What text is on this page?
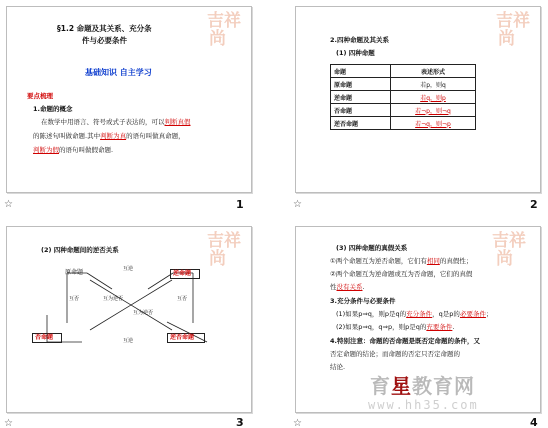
吉祥
尚
§1.2 命题及其关系、充分条
件与必要条件
基础知识 自主学习
要点梳理
1.命题的概念
在数学中用语言、符号或式子表达的，可以判断真假
的陈述句叫做命题.其中判断为真的语句叫做真命题，
判断为假的语句叫做假命题.
☆	1
吉祥
尚
2.四种命题及其关系
(1) 四种命题
命题	表述形式
原命题	若p，则q
逆命题	若q，则p
否命题	若¬p，则¬q
逆否命题	若¬q，则¬p
☆	2
吉祥
尚
(2) 四种命题间的逆否关系
原命题	逆命题
否命题	逆否命题
互逆
互逆
互否	互否
互为逆否
互为逆否
☆	3
吉祥
尚
(3) 四种命题的真假关系
①两个命题互为逆否命题，它们有相同的真假性；
②两个命题互为逆命题或互为否命题，它们的真假
性没有关系.
3.充分条件与必要条件
(1)如果p⇒q，则p是q的充分条件，q是p的必要条件；
(2)如果p⇒q，q⇒p，则p是q的充要条件.
4.特别注意：命题的否命题是既否定命题的条件，又
否定命题的结论；而命题的否定只否定命题的
结论.
☆	4
育星教育网
www.hh35.com
